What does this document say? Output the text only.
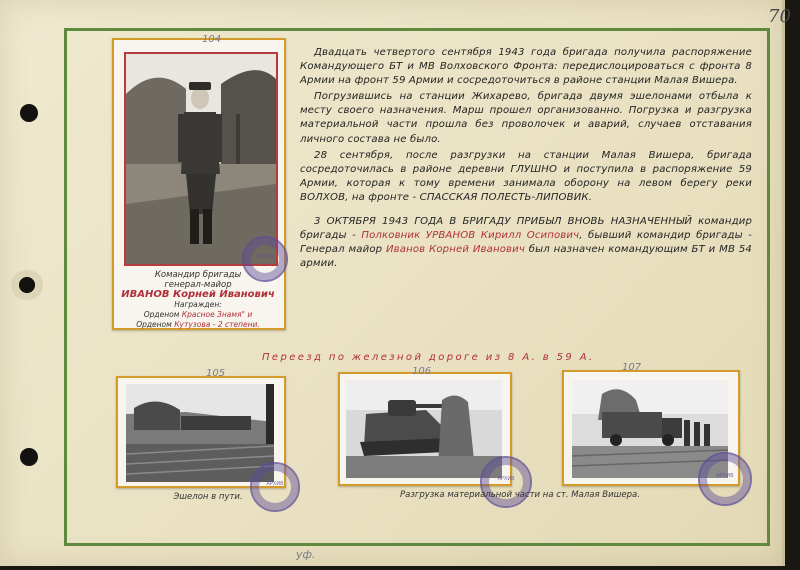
70
104
АРХИВ
Командир бригады
генерал-майор
ИВАНОВ Корней Иванович
Награжден:
Орденом Красное Знамя" и
Орденом Кутузова - 2 степени.

Двадцать четвертого сентября 1943 года бригада получила распоряжение Командующего БТ и МВ Волховского Фронта: передислоцироваться с фронта 8 Армии на фронт 59 Армии и сосредоточиться в районе станции Малая Вишера.

Погрузившись на станции Жихарево, бригада двумя эшелонами отбыла к месту своего назначения. Марш прошел организованно. Погрузка и разгрузка материальной части прошла без проволочек и аварий, случаев отставания личного состава не было.

28 сентября, после разгрузки на станции Малая Вишера, бригада сосредоточилась в районе деревни ГЛУШНО и поступила в распоряжение 59 Армии, которая к тому времени занимала оборону на левом берегу реки ВОЛХОВ, на фронте - СПАССКАЯ ПОЛЕСТЬ-ЛИПОВИК.

3 ОКТЯБРЯ 1943 ГОДА В БРИГАДУ ПРИБЫЛ ВНОВЬ НАЗНАЧЕННЫЙ командир бригады - Полковник УРВАНОВ Кирилл Осипович, бывший командир бригады - Генерал майор Иванов Корней Иванович был назначен командующим БТ и МВ 54 армии.

Переезд по железной дороге из 8 А. в 59 А.
105
АРХИВ
Эшелон в пути.
106
АРХИВ
107
АРХИВ
Разгрузка материальной части на ст. Малая Вишера.
уф.
